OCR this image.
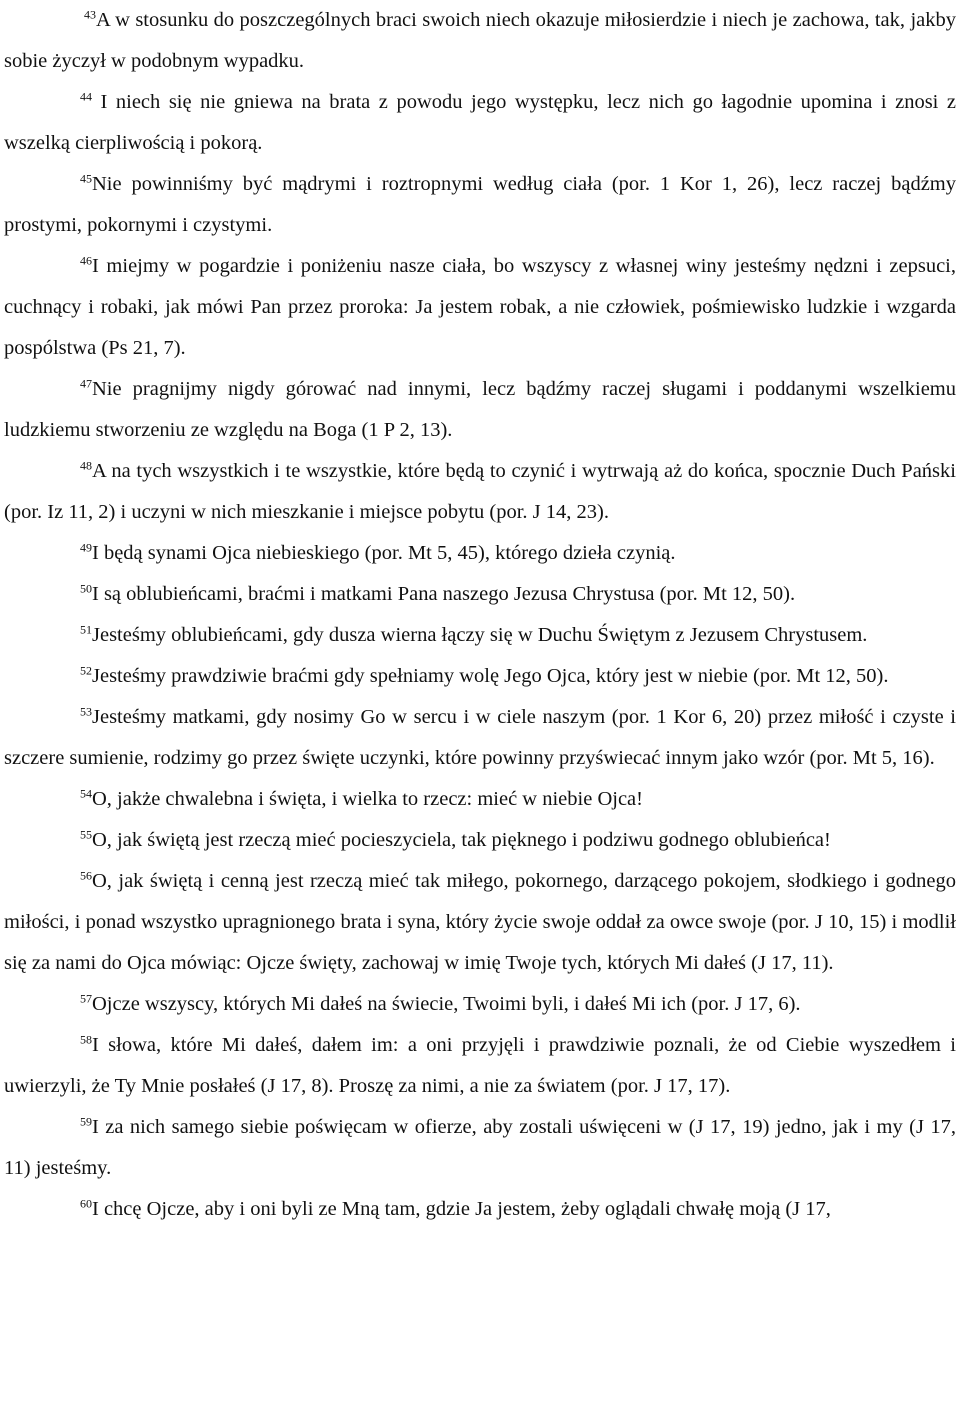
$^{43}$A w stosunku do poszczególnych braci swoich niech okazuje miłosierdzie i niech je zachowa, tak, jakby sobie życzył w podobnym wypadku.

$^{44}$ I niech się nie gniewa na brata z powodu jego występku, lecz nich go łagodnie upomina i znosi z wszelką cierpliwością i pokorą.

$^{45}$Nie powinniśmy być mądrymi i roztropnymi według ciała (por. 1 Kor 1, 26), lecz raczej bądźmy prostymi, pokornymi i czystymi.

$^{46}$I miejmy w pogardzie i poniżeniu nasze ciała, bo wszyscy z własnej winy jesteśmy nędzni i zepsuci, cuchnący i robaki, jak mówi Pan przez proroka: Ja jestem robak, a nie człowiek, pośmiewisko ludzkie i wzgarda pospólstwa (Ps 21, 7).

$^{47}$Nie pragnijmy nigdy górować nad innymi, lecz bądźmy raczej sługami i poddanymi wszelkiemu ludzkiemu stworzeniu ze względu na Boga (1 P 2, 13).

$^{48}$A na tych wszystkich i te wszystkie, które będą to czynić i wytrwają aż do końca, spocznie Duch Pański (por. Iz 11, 2) i uczyni w nich mieszkanie i miejsce pobytu (por. J 14, 23).

$^{49}$I będą synami Ojca niebieskiego (por. Mt 5, 45), którego dzieła czynią.

$^{50}$I są oblubieńcami, braćmi i matkami Pana naszego Jezusa Chrystusa (por. Mt 12, 50).

$^{51}$Jesteśmy oblubieńcami, gdy dusza wierna łączy się w Duchu Świętym z Jezusem Chrystusem.

$^{52}$Jesteśmy prawdziwie braćmi gdy spełniamy wolę Jego Ojca, który jest w niebie (por. Mt 12, 50).

$^{53}$Jesteśmy matkami, gdy nosimy Go w sercu i w ciele naszym (por. 1 Kor 6, 20) przez miłość i czyste i szczere sumienie, rodzimy go przez święte uczynki, które powinny przyświecać innym jako wzór (por. Mt 5, 16).

$^{54}$O, jakże chwalebna i święta, i wielka to rzecz: mieć w niebie Ojca!

$^{55}$O, jak świętą jest rzeczą mieć pocieszyciela, tak pięknego i podziwu godnego oblubieńca!

$^{56}$O, jak świętą i cenną jest rzeczą mieć tak miłego, pokornego, darzącego pokojem, słodkiego i godnego miłości, i ponad wszystko upragnionego brata i syna, który życie swoje oddał za owce swoje (por. J 10, 15) i modlił się za nami do Ojca mówiąc: Ojcze święty, zachowaj w imię Twoje tych, których Mi dałeś (J 17, 11).

$^{57}$Ojcze wszyscy, których Mi dałeś na świecie, Twoimi byli, i dałeś Mi ich (por. J 17, 6).

$^{58}$I słowa, które Mi dałeś, dałem im: a oni przyjęli i prawdziwie poznali, że od Ciebie wyszedłem i uwierzyli, że Ty Mnie posłałeś (J 17, 8). Proszę za nimi, a nie za światem (por. J 17, 17).

$^{59}$I za nich samego siebie poświęcam w ofierze, aby zostali uświęceni w (J 17, 19) jedno, jak i my (J 17, 11) jesteśmy.

$^{60}$I chcę Ojcze, aby i oni byli ze Mną tam, gdzie Ja jestem, żeby oglądali chwałę moją (J 17,
